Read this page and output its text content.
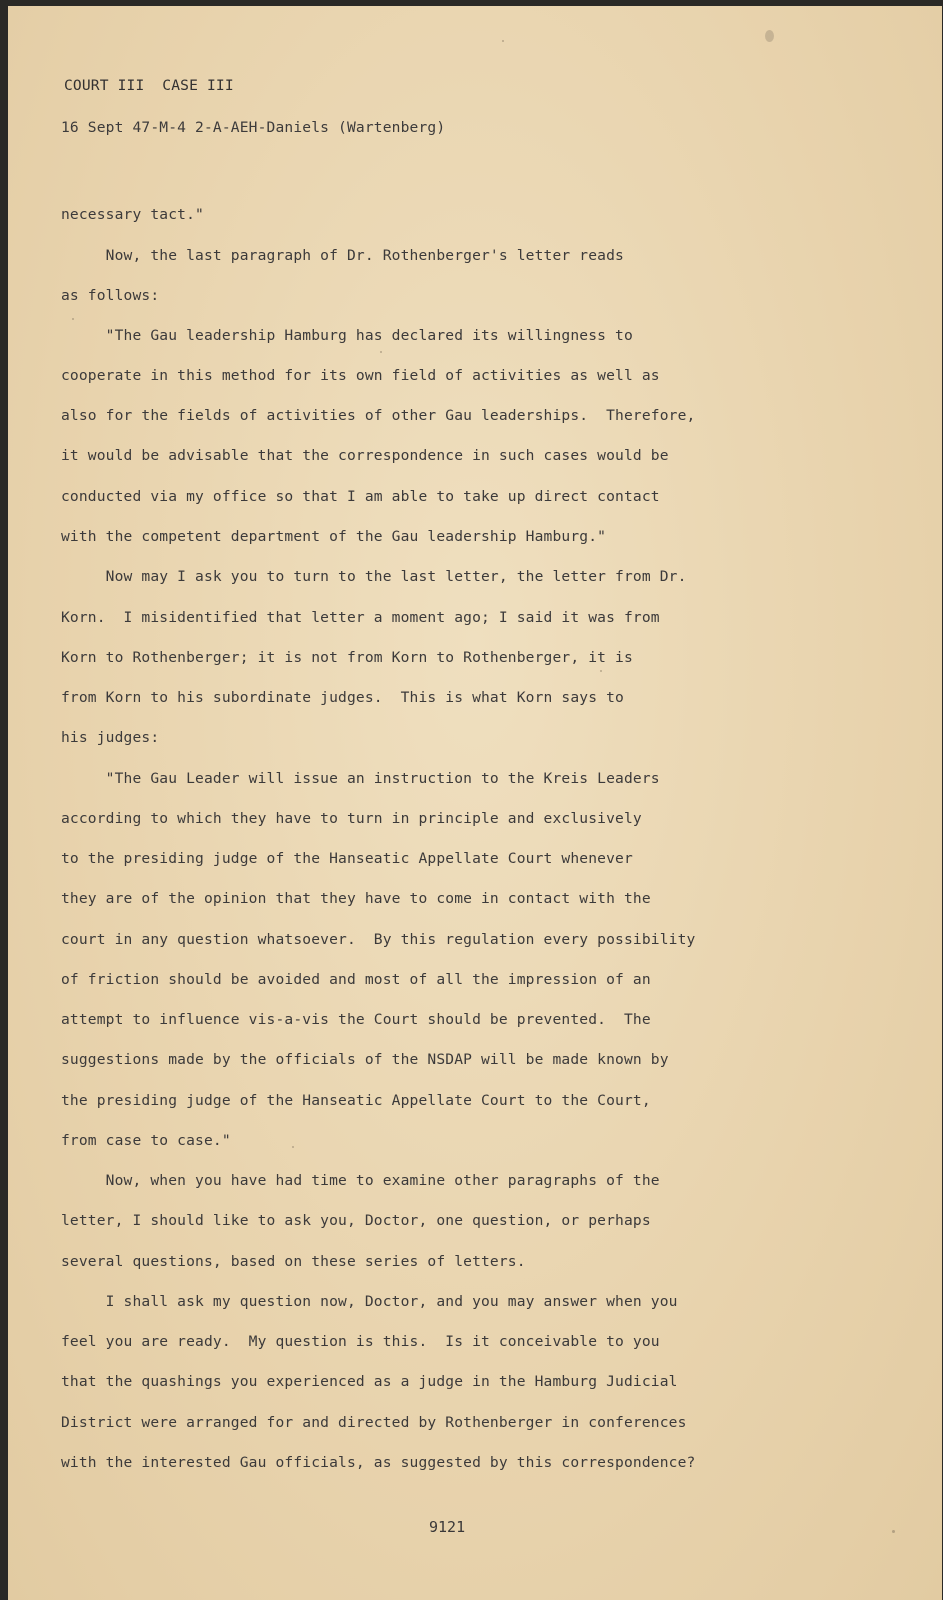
COURT III  CASE III
16 Sept 47-M-4 2-A-AEH-Daniels (Wartenberg)
necessary tact."
Now, the last paragraph of Dr. Rothenberger's letter reads
as follows:
"The Gau leadership Hamburg has declared its willingness to
cooperate in this method for its own field of activities as well as
also for the fields of activities of other Gau leaderships.  Therefore,
it would be advisable that the correspondence in such cases would be
conducted via my office so that I am able to take up direct contact
with the competent department of the Gau leadership Hamburg."
Now may I ask you to turn to the last letter, the letter from Dr.
Korn.  I misidentified that letter a moment ago; I said it was from
Korn to Rothenberger; it is not from Korn to Rothenberger, it is
from Korn to his subordinate judges.  This is what Korn says to
his judges:
"The Gau Leader will issue an instruction to the Kreis Leaders
according to which they have to turn in principle and exclusively
to the presiding judge of the Hanseatic Appellate Court whenever
they are of the opinion that they have to come in contact with the
court in any question whatsoever.  By this regulation every possibility
of friction should be avoided and most of all the impression of an
attempt to influence vis-a-vis the Court should be prevented.  The
suggestions made by the officials of the NSDAP will be made known by
the presiding judge of the Hanseatic Appellate Court to the Court,
from case to case."
Now, when you have had time to examine other paragraphs of the
letter, I should like to ask you, Doctor, one question, or perhaps
several questions, based on these series of letters.
I shall ask my question now, Doctor, and you may answer when you
feel you are ready.  My question is this.  Is it conceivable to you
that the quashings you experienced as a judge in the Hamburg Judicial
District were arranged for and directed by Rothenberger in conferences
with the interested Gau officials, as suggested by this correspondence?
9121
